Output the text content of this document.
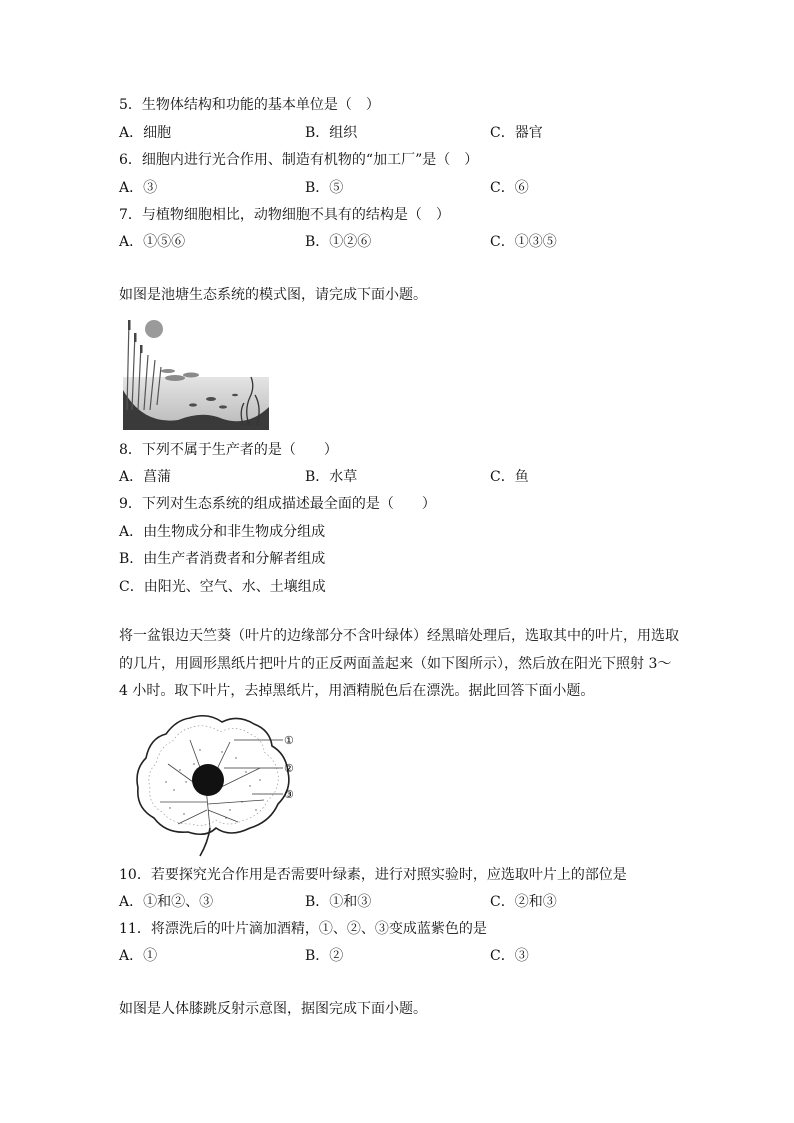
5．生物体结构和功能的基本单位是（　）
A．细胞	B．组织	C．器官
6．细胞内进行光合作用、制造有机物的“加工厂”是（　）
A．③	B．⑤	C．⑥
7．与植物细胞相比，动物细胞不具有的结构是（　）
A．①⑤⑥	B．①②⑥	C．①③⑤
如图是池塘生态系统的模式图，请完成下面小题。
8．下列不属于生产者的是（　　）
A．菖蒲	B．水草	C．鱼
9．下列对生态系统的组成描述最全面的是（　　）
A．由生物成分和非生物成分组成
B．由生产者消费者和分解者组成
C．由阳光、空气、水、土壤组成
将一盆银边天竺葵（叶片的边缘部分不含叶绿体）经黑暗处理后，选取其中的叶片，用选取的几片，用圆形黑纸片把叶片的正反两面盖起来（如下图所示），然后放在阳光下照射 3～4 小时。取下叶片，去掉黑纸片，用酒精脱色后在漂洗。据此回答下面小题。
①
②
③
10．若要探究光合作用是否需要叶绿素，进行对照实验时，应选取叶片上的部位是
A．①和②、③	B．①和③	C．②和③
11．将漂洗后的叶片滴加酒精，①、②、③变成蓝紫色的是
A．①	B．②	C．③
如图是人体膝跳反射示意图，据图完成下面小题。
